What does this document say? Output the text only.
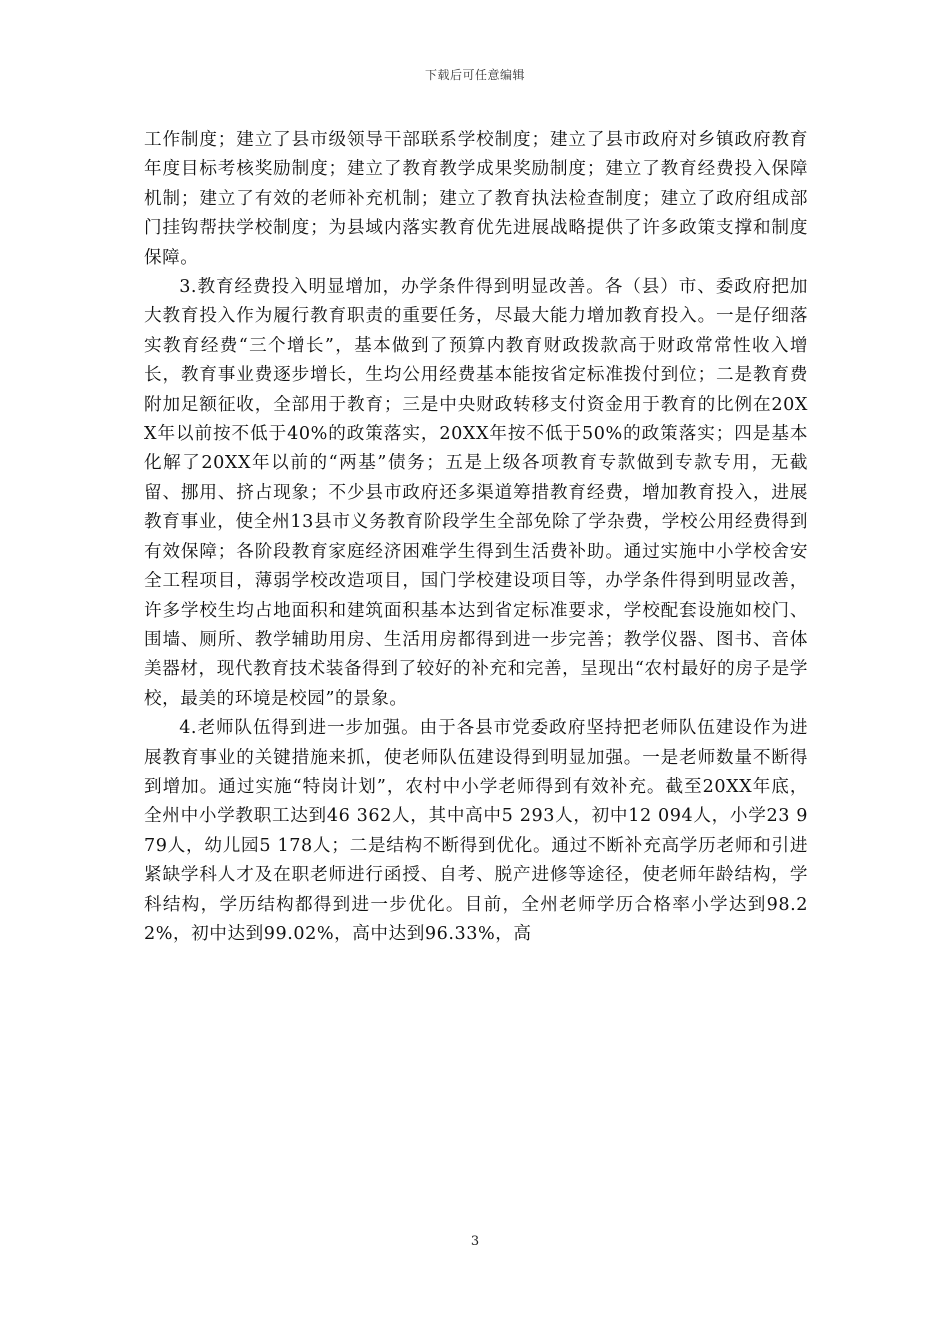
下载后可任意编辑

工作制度；建立了县市级领导干部联系学校制度；建立了县市政府对乡镇政府教育年度目标考核奖励制度；建立了教育教学成果奖励制度；建立了教育经费投入保障机制；建立了有效的老师补充机制；建立了教育执法检查制度；建立了政府组成部门挂钩帮扶学校制度；为县域内落实教育优先进展战略提供了许多政策支撑和制度保障。

3.教育经费投入明显增加，办学条件得到明显改善。各（县）市、委政府把加大教育投入作为履行教育职责的重要任务，尽最大能力增加教育投入。一是仔细落实教育经费“三个增长”，基本做到了预算内教育财政拨款高于财政常常性收入增长，教育事业费逐步增长，生均公用经费基本能按省定标准拨付到位；二是教育费附加足额征收，全部用于教育；三是中央财政转移支付资金用于教育的比例在20XX年以前按不低于40%的政策落实，20XX年按不低于50%的政策落实；四是基本化解了20XX年以前的“两基”债务；五是上级各项教育专款做到专款专用，无截留、挪用、挤占现象；不少县市政府还多渠道筹措教育经费，增加教育投入，进展教育事业，使全州13县市义务教育阶段学生全部免除了学杂费，学校公用经费得到有效保障；各阶段教育家庭经济困难学生得到生活费补助。通过实施中小学校舍安全工程项目，薄弱学校改造项目，国门学校建设项目等，办学条件得到明显改善，许多学校生均占地面积和建筑面积基本达到省定标准要求，学校配套设施如校门、围墙、厕所、教学辅助用房、生活用房都得到进一步完善；教学仪器、图书、音体美器材，现代教育技术装备得到了较好的补充和完善，呈现出“农村最好的房子是学校，最美的环境是校园”的景象。

4.老师队伍得到进一步加强。由于各县市党委政府坚持把老师队伍建设作为进展教育事业的关键措施来抓，使老师队伍建设得到明显加强。一是老师数量不断得到增加。通过实施“特岗计划”，农村中小学老师得到有效补充。截至20XX年底，全州中小学教职工达到46 362人，其中高中5 293人，初中12 094人，小学23 979人，幼儿园5 178人；二是结构不断得到优化。通过不断补充高学历老师和引进紧缺学科人才及在职老师进行函授、自考、脱产进修等途径，使老师年龄结构，学科结构，学历结构都得到进一步优化。目前，全州老师学历合格率小学达到98.22%，初中达到99.02%，高中达到96.33%，高

3
